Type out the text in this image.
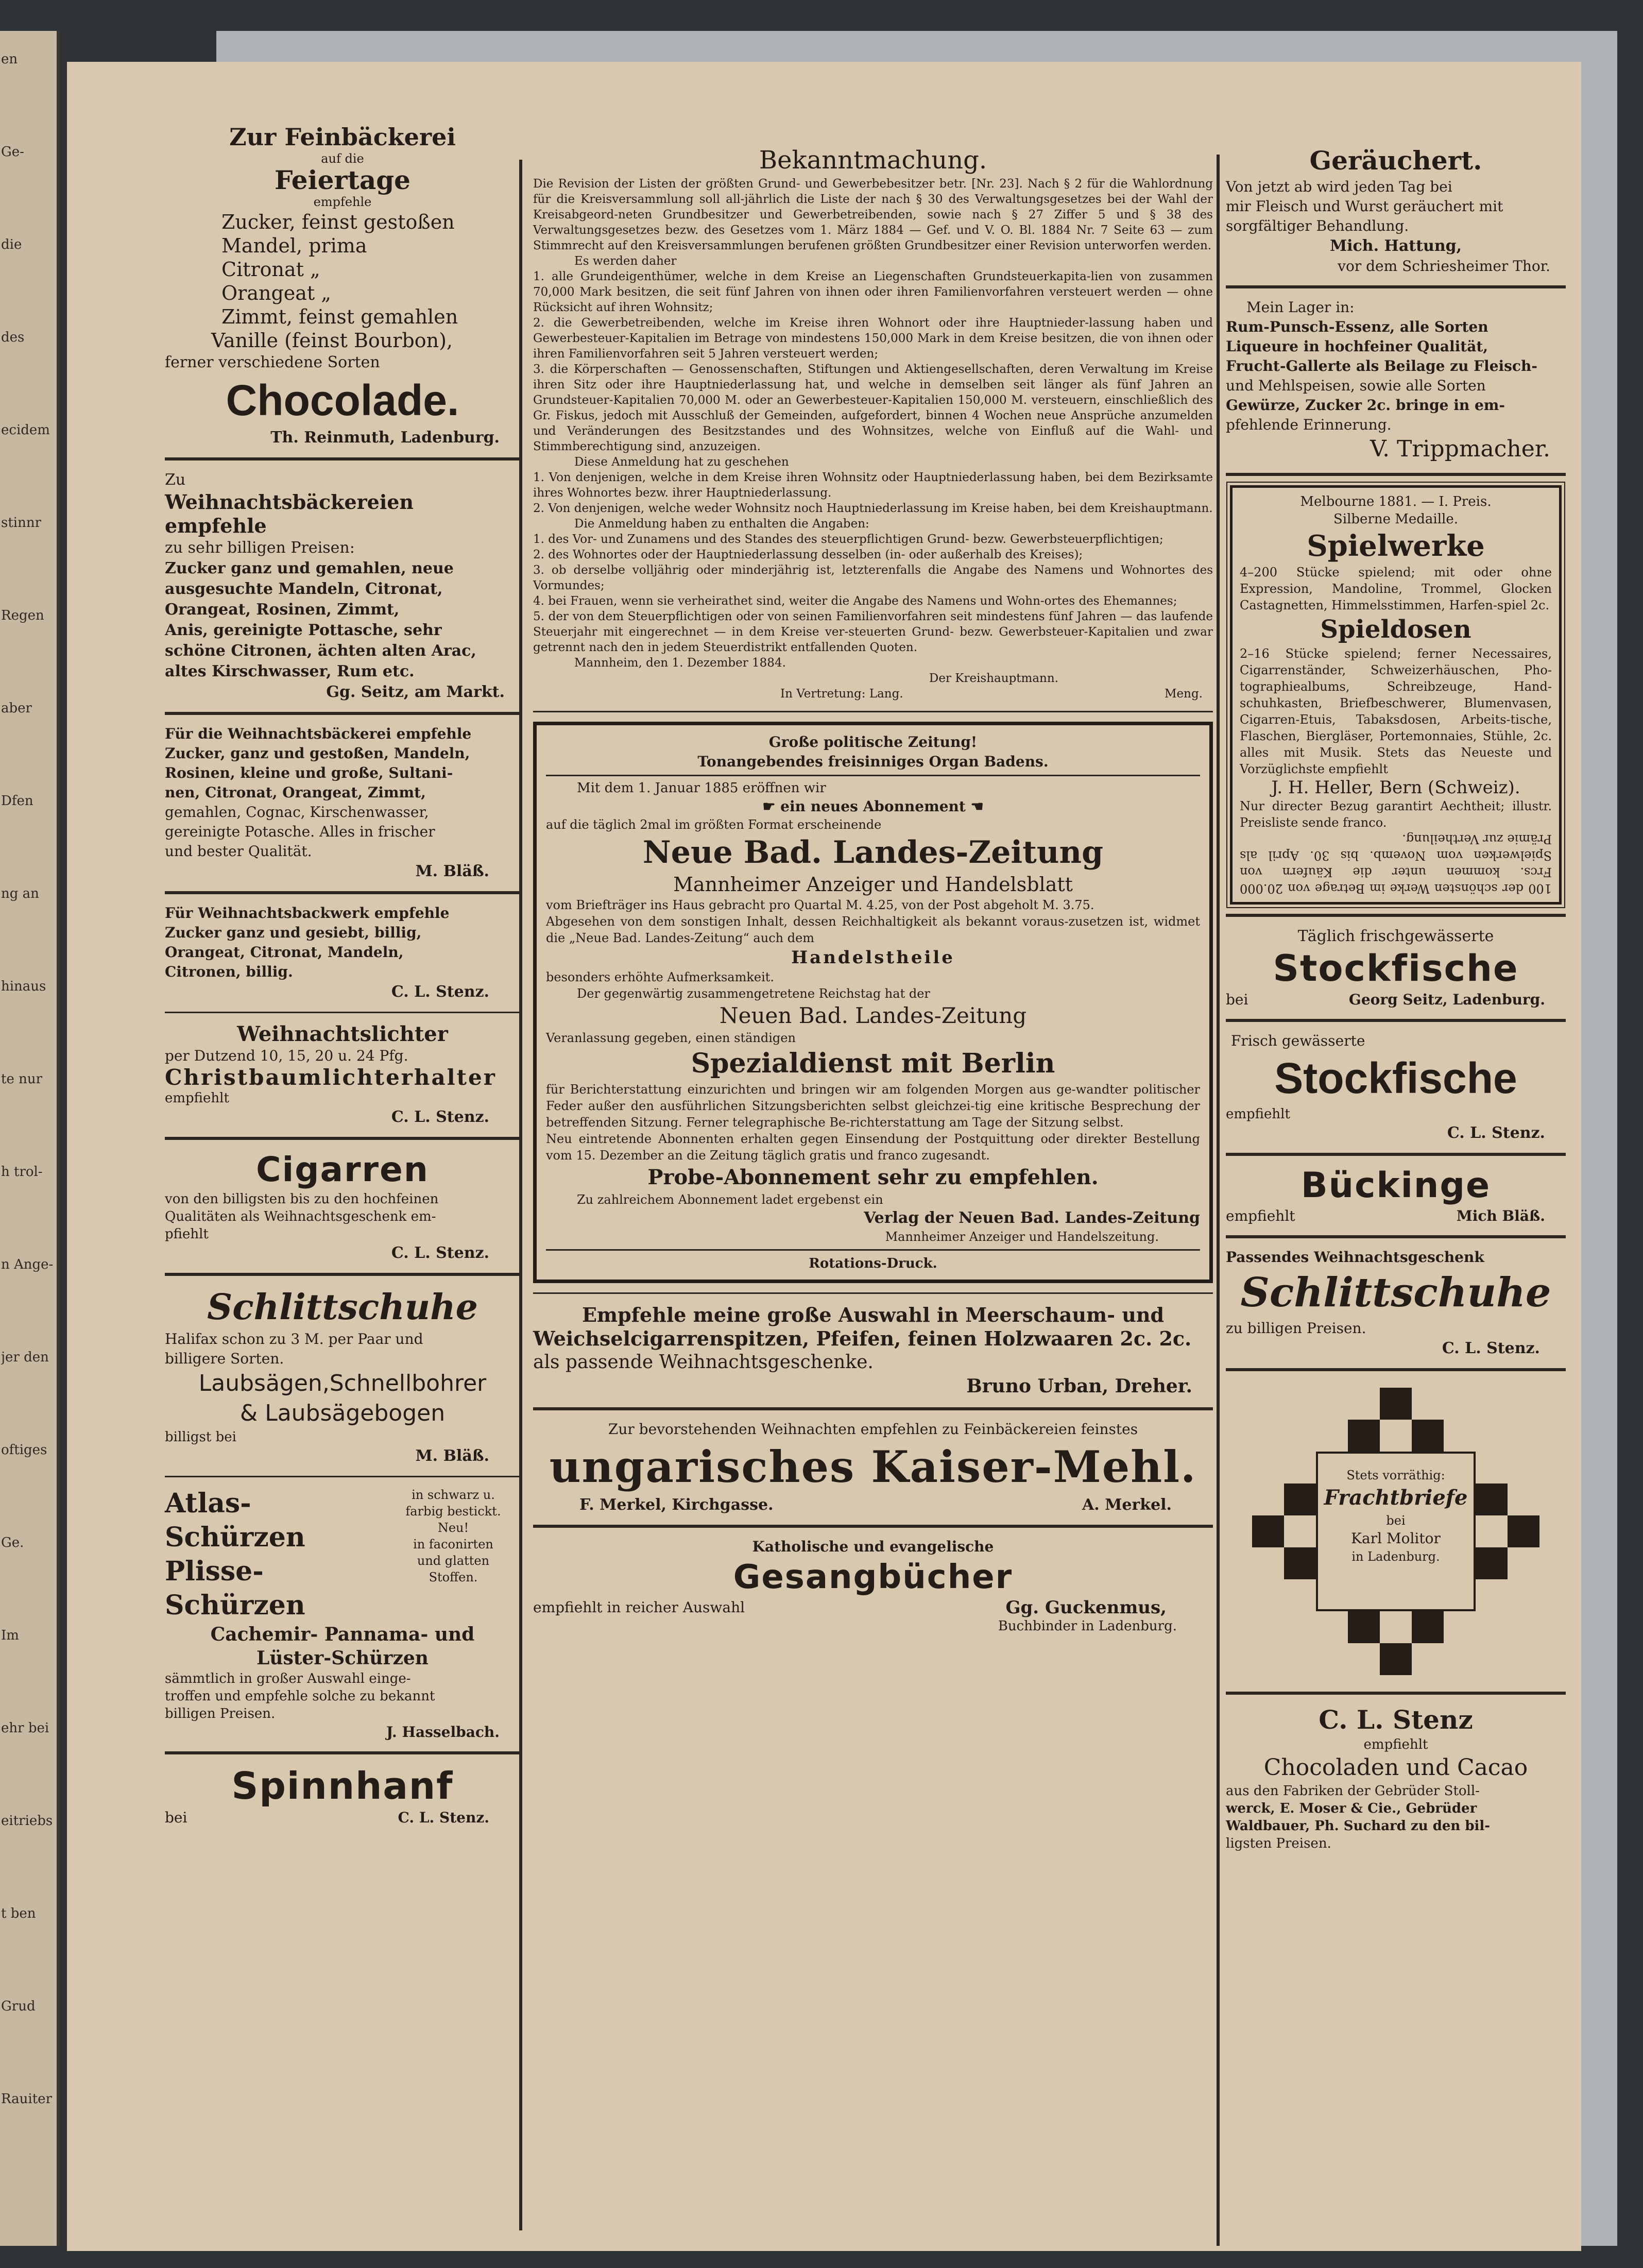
en
Ge-
die
des
ecidem
stinnr
Regen
aber
Dfen
ng an
hinaus
te nur
h trol-
n Ange-
jer den
oftiges
Ge.
Im
ehr bei
eitriebs
t ben
Grud
Rauiter

Zur Feinbäckerei

auf die

Feiertage

empfehle

Zucker, feinst gestoßen

Mandel, prima

Citronat „

Orangeat „

Zimmt, feinst gemahlen

Vanille (feinst Bourbon),

ferner verschiedene Sorten

Chocolade.

Th. Reinmuth, Ladenburg.

Zu

Weihnachtsbäckereien empfehle

zu sehr billigen Preisen:

Zucker ganz und gemahlen, neue

ausgesuchte Mandeln, Citronat,

Orangeat, Rosinen, Zimmt,

Anis, gereinigte Pottasche, sehr

schöne Citronen, ächten alten Arac,

altes Kirschwasser, Rum etc.

Gg. Seitz, am Markt.

Für die Weihnachtsbäckerei empfehle

Zucker, ganz und gestoßen, Mandeln,

Rosinen, kleine und große, Sultani-

nen, Citronat, Orangeat, Zimmt,

gemahlen, Cognac, Kirschenwasser,

gereinigte Potasche. Alles in frischer

und bester Qualität.

M. Bläß.

Für Weihnachtsbackwerk empfehle

Zucker ganz und gesiebt, billig,

Orangeat, Citronat, Mandeln,

Citronen, billig.

C. L. Stenz.

Weihnachtslichter

per Dutzend 10, 15, 20 u. 24 Pfg.

Christbaumlichterhalter

empfiehlt

C. L. Stenz.

Cigarren

von den billigsten bis zu den hochfeinen

Qualitäten als Weihnachtsgeschenk em-

pfiehlt

C. L. Stenz.

Schlittschuhe

Halifax schon zu 3 M. per Paar und

billigere Sorten.

Laubsägen,Schnellbohrer

& Laubsägebogen

billigst bei

M. Bläß.

Atlas-Schürzen

Plisse-Schürzen

in schwarz u.

farbig bestickt.

Neu!

in faconirten

und glatten

Stoffen.

Cachemir- Pannama- und

Lüster-Schürzen

sämmtlich in großer Auswahl einge-

troffen und empfehle solche zu bekannt

billigen Preisen.

J. Hasselbach.

Spinnhanf

bei	C. L. Stenz.

Bekanntmachung.

Die Revision der Listen der größten Grund- und Gewerbebesitzer betr. [Nr. 23]. Nach § 2 für die Wahlordnung für die Kreisversammlung soll all-jährlich die Liste der nach § 30 des Verwaltungsgesetzes bei der Wahl der Kreisabgeord-neten Grundbesitzer und Gewerbetreibenden, sowie nach § 27 Ziffer 5 und § 38 des Verwaltungsgesetzes bezw. des Gesetzes vom 1. März 1884 — Gef. und V. O. Bl. 1884 Nr. 7 Seite 63 — zum Stimmrecht auf den Kreisversammlungen berufenen größten Grundbesitzer einer Revision unterworfen werden.

Es werden daher

1. alle Grundeigenthümer, welche in dem Kreise an Liegenschaften Grundsteuerkapita-lien von zusammen 70,000 Mark besitzen, die seit fünf Jahren von ihnen oder ihren Familienvorfahren versteuert werden — ohne Rücksicht auf ihren Wohnsitz;

2. die Gewerbetreibenden, welche im Kreise ihren Wohnort oder ihre Hauptnieder-lassung haben und Gewerbesteuer-Kapitalien im Betrage von mindestens 150,000 Mark in dem Kreise besitzen, die von ihnen oder ihren Familienvorfahren seit 5 Jahren versteuert werden;

3. die Körperschaften — Genossenschaften, Stiftungen und Aktiengesellschaften, deren Verwaltung im Kreise ihren Sitz oder ihre Hauptniederlassung hat, und welche in demselben seit länger als fünf Jahren an Grundsteuer-Kapitalien 70,000 M. oder an Gewerbesteuer-Kapitalien 150,000 M. versteuern, einschließlich des Gr. Fiskus, jedoch mit Ausschluß der Gemeinden, aufgefordert, binnen 4 Wochen neue Ansprüche anzumelden und Veränderungen des Besitzstandes und des Wohnsitzes, welche von Einfluß auf die Wahl- und Stimmberechtigung sind, anzuzeigen.

Diese Anmeldung hat zu geschehen

1. Von denjenigen, welche in dem Kreise ihren Wohnsitz oder Hauptniederlassung haben, bei dem Bezirksamte ihres Wohnortes bezw. ihrer Hauptniederlassung.

2. Von denjenigen, welche weder Wohnsitz noch Hauptniederlassung im Kreise haben, bei dem Kreishauptmann.

Die Anmeldung haben zu enthalten die Angaben:

1. des Vor- und Zunamens und des Standes des steuerpflichtigen Grund- bezw. Gewerbsteuerpflichtigen;

2. des Wohnortes oder der Hauptniederlassung desselben (in- oder außerhalb des Kreises);

3. ob derselbe volljährig oder minderjährig ist, letzterenfalls die Angabe des Namens und Wohnortes des Vormundes;

4. bei Frauen, wenn sie verheirathet sind, weiter die Angabe des Namens und Wohn-ortes des Ehemannes;

5. der von dem Steuerpflichtigen oder von seinen Familienvorfahren seit mindestens fünf Jahren — das laufende Steuerjahr mit eingerechnet — in dem Kreise ver-steuerten Grund- bezw. Gewerbsteuer-Kapitalien und zwar getrennt nach den in jedem Steuerdistrikt entfallenden Quoten.

Mannheim, den 1. Dezember 1884.

Der Kreishauptmann.

In Vertretung: Lang.	Meng.

Große politische Zeitung!

Tonangebendes freisinniges Organ Badens.

Mit dem 1. Januar 1885 eröffnen wir

☛ ein neues Abonnement ☚

auf die täglich 2mal im größten Format erscheinende

Neue Bad. Landes-Zeitung

Mannheimer Anzeiger und Handelsblatt

vom Briefträger ins Haus gebracht pro Quartal M. 4.25, von der Post abgeholt M. 3.75.

Abgesehen von dem sonstigen Inhalt, dessen Reichhaltigkeit als bekannt voraus-zusetzen ist, widmet die „Neue Bad. Landes-Zeitung“ auch dem

Handelstheile

besonders erhöhte Aufmerksamkeit.

Der gegenwärtig zusammengetretene Reichstag hat der

Neuen Bad. Landes-Zeitung

Veranlassung gegeben, einen ständigen

Spezialdienst mit Berlin

für Berichterstattung einzurichten und bringen wir am folgenden Morgen aus ge-wandter politischer Feder außer den ausführlichen Sitzungsberichten selbst gleichzei-tig eine kritische Besprechung der betreffenden Sitzung. Ferner telegraphische Be-richterstattung am Tage der Sitzung selbst.

Neu eintretende Abonnenten erhalten gegen Einsendung der Postquittung oder direkter Bestellung vom 15. Dezember an die Zeitung täglich gratis und franco zugesandt.

Probe-Abonnement sehr zu empfehlen.

Zu zahlreichem Abonnement ladet ergebenst ein

Verlag der Neuen Bad. Landes-Zeitung

Mannheimer Anzeiger und Handelszeitung.

Rotations-Druck.

Empfehle meine große Auswahl in Meerschaum- und

Weichselcigarrenspitzen, Pfeifen, feinen Holzwaaren 2c. 2c.

als passende Weihnachtsgeschenke.

Bruno Urban, Dreher.

Zur bevorstehenden Weihnachten empfehlen zu Feinbäckereien feinstes

ungarisches Kaiser-Mehl.

F. Merkel, Kirchgasse.	A. Merkel.

Katholische und evangelische

Gesangbücher

empfiehlt in reicher Auswahl	Gg. Guckenmus,

Buchbinder in Ladenburg.

Geräuchert.

Von jetzt ab wird jeden Tag bei

mir Fleisch und Wurst geräuchert mit

sorgfältiger Behandlung.

Mich. Hattung,

vor dem Schriesheimer Thor.

Mein Lager in:

Rum-Punsch-Essenz, alle Sorten

Liqueure in hochfeiner Qualität,

Frucht-Gallerte als Beilage zu Fleisch-

und Mehlspeisen, sowie alle Sorten

Gewürze, Zucker 2c. bringe in em-

pfehlende Erinnerung.

V. Trippmacher.

Melbourne 1881. — I. Preis.

Silberne Medaille.

Spielwerke

4–200 Stücke spielend; mit oder ohne Expression, Mandoline, Trommel, Glocken Castagnetten, Himmelsstimmen, Harfen-spiel 2c.

Spieldosen

2–16 Stücke spielend; ferner Necessaires, Cigarrenständer, Schweizerhäuschen, Pho-tographiealbums, Schreibzeuge, Hand-schuhkasten, Briefbeschwerer, Blumenvasen, Cigarren-Etuis, Tabaksdosen, Arbeits-tische, Flaschen, Biergläser, Portemonnaies, Stühle, 2c. alles mit Musik. Stets das Neueste und Vorzüglichste empfiehlt

J. H. Heller, Bern (Schweiz).

Nur directer Bezug garantirt Aechtheit; illustr. Preisliste sende franco.

100 der schönsten Werke im Betrage von 20.000 Frcs. kommen unter die Käufern von Spielwerken vom Novemb. bis 30. April als Prämie zur Vertheilung.

Täglich frischgewässerte

Stockfische

bei	Georg Seitz, Ladenburg.

Frisch gewässerte

Stockfische

empfiehlt

C. L. Stenz.

Bückinge

empfiehlt	Mich Bläß.

Passendes Weihnachtsgeschenk

Schlittschuhe

zu billigen Preisen.

C. L. Stenz.

Stets vorräthig:

Frachtbriefe

bei

Karl Molitor

in Ladenburg.

C. L. Stenz

empfiehlt

Chocoladen und Cacao

aus den Fabriken der Gebrüder Stoll-

werck, E. Moser & Cie., Gebrüder

Waldbauer, Ph. Suchard zu den bil-

ligsten Preisen.
